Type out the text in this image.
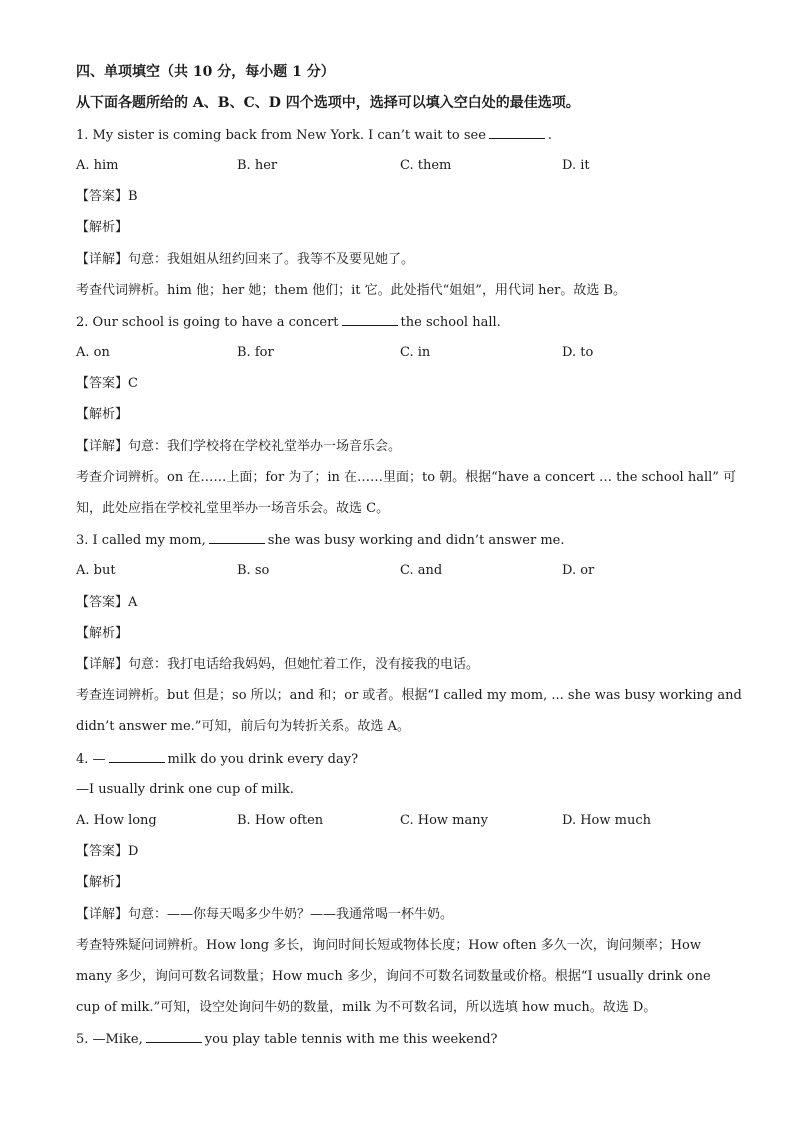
四、单项填空（共 10 分，每小题 1 分）
从下面各题所给的 A、B、C、D 四个选项中，选择可以填入空白处的最佳选项。
1. My sister is coming back from New York. I can’t wait to see	.
A. him	B. her	C. them	D. it
【答案】B
【解析】
【详解】句意：我姐姐从纽约回来了。我等不及要见她了。
考查代词辨析。him 他；her 她；them 他们；it 它。此处指代“姐姐”，用代词 her。故选 B。
2. Our school is going to have a concert	the school hall.
A. on	B. for	C. in	D. to
【答案】C
【解析】
【详解】句意：我们学校将在学校礼堂举办一场音乐会。
考查介词辨析。on 在……上面；for 为了；in 在……里面；to 朝。根据“have a concert … the school hall” 可
知，此处应指在学校礼堂里举办一场音乐会。故选 C。
3. I called my mom,	she was busy working and didn’t answer me.
A. but	B. so	C. and	D. or
【答案】A
【解析】
【详解】句意：我打电话给我妈妈，但她忙着工作，没有接我的电话。
考查连词辨析。but 但是；so 所以；and 和；or 或者。根据“I called my mom, ... she was busy working and
didn’t answer me.”可知，前后句为转折关系。故选 A。
4. —	milk do you drink every day?
—I usually drink one cup of milk.
A. How long	B. How often	C. How many	D. How much
【答案】D
【解析】
【详解】句意：——你每天喝多少牛奶？——我通常喝一杯牛奶。
考查特殊疑问词辨析。How long 多长，询问时间长短或物体长度；How often 多久一次，询问频率；How
many 多少，询问可数名词数量；How much 多少，询问不可数名词数量或价格。根据“I usually drink one
cup of milk.”可知，设空处询问牛奶的数量，milk 为不可数名词，所以选填 how much。故选 D。
5. —Mike,	you play table tennis with me this weekend?
